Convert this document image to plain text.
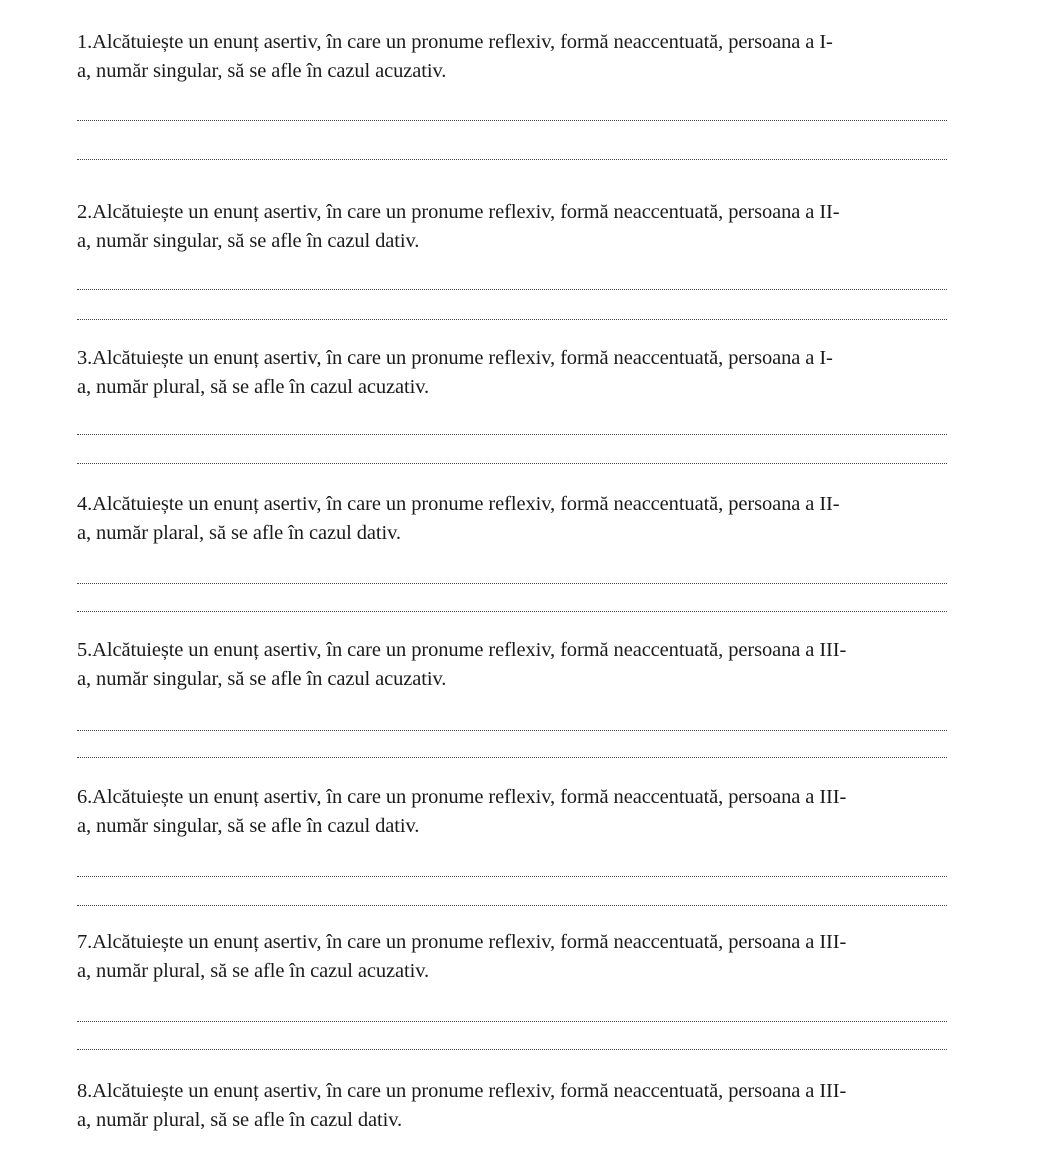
1.Alcătuiește un enunț asertiv, în care un pronume reflexiv, formă neaccentuată, persoana a I-
a, număr singular, să se afle în cazul acuzativ.

2.Alcătuiește un enunț asertiv, în care un pronume reflexiv, formă neaccentuată, persoana a II-
a, număr singular, să se afle în cazul dativ.

3.Alcătuiește un enunț asertiv, în care un pronume reflexiv, formă neaccentuată, persoana a I-
a, număr plural, să se afle în cazul acuzativ.

4.Alcătuiește un enunț asertiv, în care un pronume reflexiv, formă neaccentuată, persoana a II-
a, număr plaral, să se afle în cazul dativ.

5.Alcătuiește un enunț asertiv, în care un pronume reflexiv, formă neaccentuată, persoana a III-
a, număr singular, să se afle în cazul acuzativ.

6.Alcătuiește un enunț asertiv, în care un pronume reflexiv, formă neaccentuată, persoana a III-
a, număr singular, să se afle în cazul dativ.

7.Alcătuiește un enunț asertiv, în care un pronume reflexiv, formă neaccentuată, persoana a III-
a, număr plural, să se afle în cazul acuzativ.

8.Alcătuiește un enunț asertiv, în care un pronume reflexiv, formă neaccentuată, persoana a III-
a, număr plural, să se afle în cazul dativ.
